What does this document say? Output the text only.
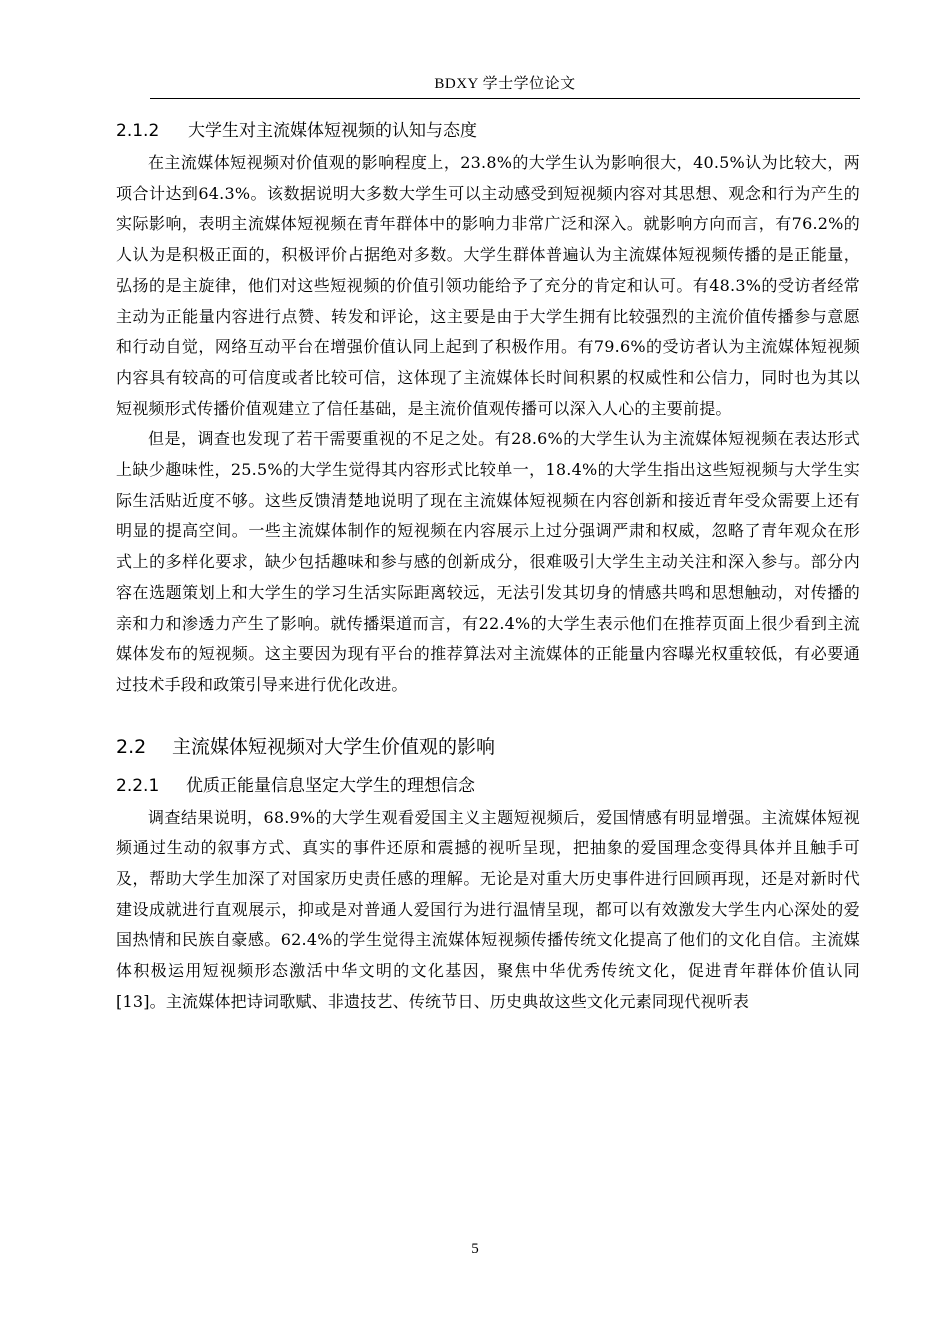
BDXY 学士学位论文
2.1.2 大学生对主流媒体短视频的认知与态度

在主流媒体短视频对价值观的影响程度上，23.8%的大学生认为影响很大，40.5%认为比较大，两项合计达到64.3%。该数据说明大多数大学生可以主动感受到短视频内容对其思想、观念和行为产生的实际影响，表明主流媒体短视频在青年群体中的影响力非常广泛和深入。就影响方向而言，有76.2%的人认为是积极正面的，积极评价占据绝对多数。大学生群体普遍认为主流媒体短视频传播的是正能量，弘扬的是主旋律，他们对这些短视频的价值引领功能给予了充分的肯定和认可。有48.3%的受访者经常主动为正能量内容进行点赞、转发和评论，这主要是由于大学生拥有比较强烈的主流价值传播参与意愿和行动自觉，网络互动平台在增强价值认同上起到了积极作用。有79.6%的受访者认为主流媒体短视频内容具有较高的可信度或者比较可信，这体现了主流媒体长时间积累的权威性和公信力，同时也为其以短视频形式传播价值观建立了信任基础，是主流价值观传播可以深入人心的主要前提。

但是，调查也发现了若干需要重视的不足之处。有28.6%的大学生认为主流媒体短视频在表达形式上缺少趣味性，25.5%的大学生觉得其内容形式比较单一，18.4%的大学生指出这些短视频与大学生实际生活贴近度不够。这些反馈清楚地说明了现在主流媒体短视频在内容创新和接近青年受众需要上还有明显的提高空间。一些主流媒体制作的短视频在内容展示上过分强调严肃和权威，忽略了青年观众在形式上的多样化要求，缺少包括趣味和参与感的创新成分，很难吸引大学生主动关注和深入参与。部分内容在选题策划上和大学生的学习生活实际距离较远，无法引发其切身的情感共鸣和思想触动，对传播的亲和力和渗透力产生了影响。就传播渠道而言，有22.4%的大学生表示他们在推荐页面上很少看到主流媒体发布的短视频。这主要因为现有平台的推荐算法对主流媒体的正能量内容曝光权重较低，有必要通过技术手段和政策引导来进行优化改进。

2.2 主流媒体短视频对大学生价值观的影响
2.2.1 优质正能量信息坚定大学生的理想信念

调查结果说明，68.9%的大学生观看爱国主义主题短视频后，爱国情感有明显增强。主流媒体短视频通过生动的叙事方式、真实的事件还原和震撼的视听呈现，把抽象的爱国理念变得具体并且触手可及，帮助大学生加深了对国家历史责任感的理解。无论是对重大历史事件进行回顾再现，还是对新时代建设成就进行直观展示，抑或是对普通人爱国行为进行温情呈现，都可以有效激发大学生内心深处的爱国热情和民族自豪感。62.4%的学生觉得主流媒体短视频传播传统文化提高了他们的文化自信。主流媒体积极运用短视频形态激活中华文明的文化基因，聚焦中华优秀传统文化，促进青年群体价值认同[13]。主流媒体把诗词歌赋、非遗技艺、传统节日、历史典故这些文化元素同现代视听表

5
